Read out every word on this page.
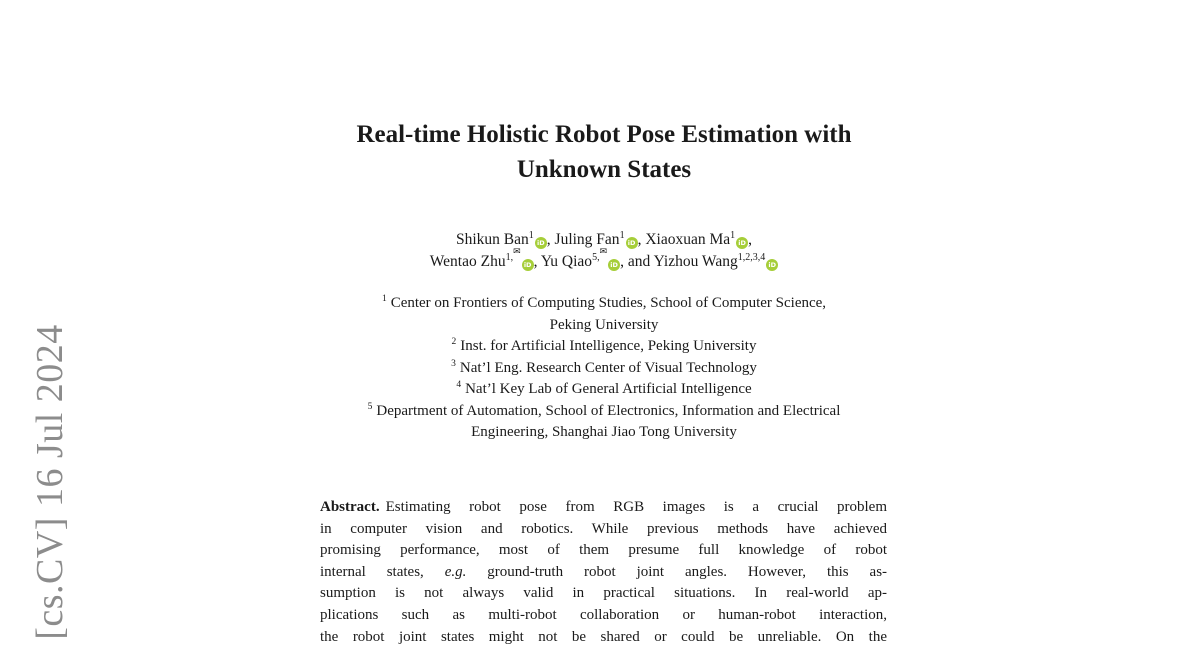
[cs.CV] 16 Jul 2024
Real-time Holistic Robot Pose Estimation with
Unknown States
Shikun Ban$^1$iD , Juling Fan$^1$iD , Xiaoxuan Ma$^1$iD ,
Wentao Zhu$^{1,✉}$iD , Yu Qiao$^{5,✉}$iD , and Yizhou Wang$^{1,2,3,4}$iD
$^1$ Center on Frontiers of Computing Studies, School of Computer Science,
Peking University
$^2$ Inst. for Artificial Intelligence, Peking University
$^3$ Nat’l Eng. Research Center of Visual Technology
$^4$ Nat’l Key Lab of General Artificial Intelligence
$^5$ Department of Automation, School of Electronics, Information and Electrical
Engineering, Shanghai Jiao Tong University
Abstract. Estimating robot pose from RGB images is a crucial problem
in computer vision and robotics. While previous methods have achieved
promising performance, most of them presume full knowledge of robot
internal states, e.g. ground-truth robot joint angles. However, this as-
sumption is not always valid in practical situations. In real-world ap-
plications such as multi-robot collaboration or human-robot interaction,
the robot joint states might not be shared or could be unreliable. On the
